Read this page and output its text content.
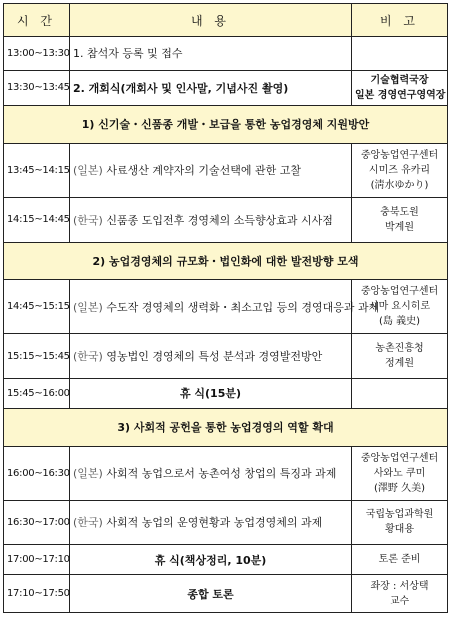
시 간	내 용	비 고
13:00~13:30	1. 참석자 등록 및 접수	
13:30~13:45	2. 개회식(개회사 및 인사말, 기념사진 촬영)	기술협력국장
일본 경영연구영역장

1) 신기술・신품종 개발・보급을 통한 농업경영체 지원방안		
13:45~14:15	(일본) 사료생산 계약자의 기술선택에 관한 고찰	중앙농업연구센터
시미즈 유카리
(淸水ゆかり)

14:15~14:45	(한국) 신품종 도입전후 경영체의 소득향상효과 시사점	충북도원
박계원

2) 농업경영체의 규모화・법인화에 대한 발전방향 모색		
14:45~15:15	(일본) 수도작 경영체의 생력화・최소고입 등의 경영대응과 과제	중앙농업연구센터
시마 요시히로
(島 義史)

15:15~15:45	(한국) 영농법인 경영체의 특성 분석과 경영발전방안	농촌진흥청
정계원

15:45~16:00	휴 식(15분)	
3) 사회적 공헌을 통한 농업경영의 역할 확대		
16:00~16:30	(일본) 사회적 농업으로서 농촌여성 창업의 특징과 과제	중앙농업연구센터
사와노 쿠미
(澤野 久美)

16:30~17:00	(한국) 사회적 농업의 운영현황과 농업경영체의 과제	국립농업과학원
황대용

17:00~17:10	휴 식(책상정리, 10분)	토론 준비

17:10~17:50	종합 토론	좌장 : 서상택
교수
